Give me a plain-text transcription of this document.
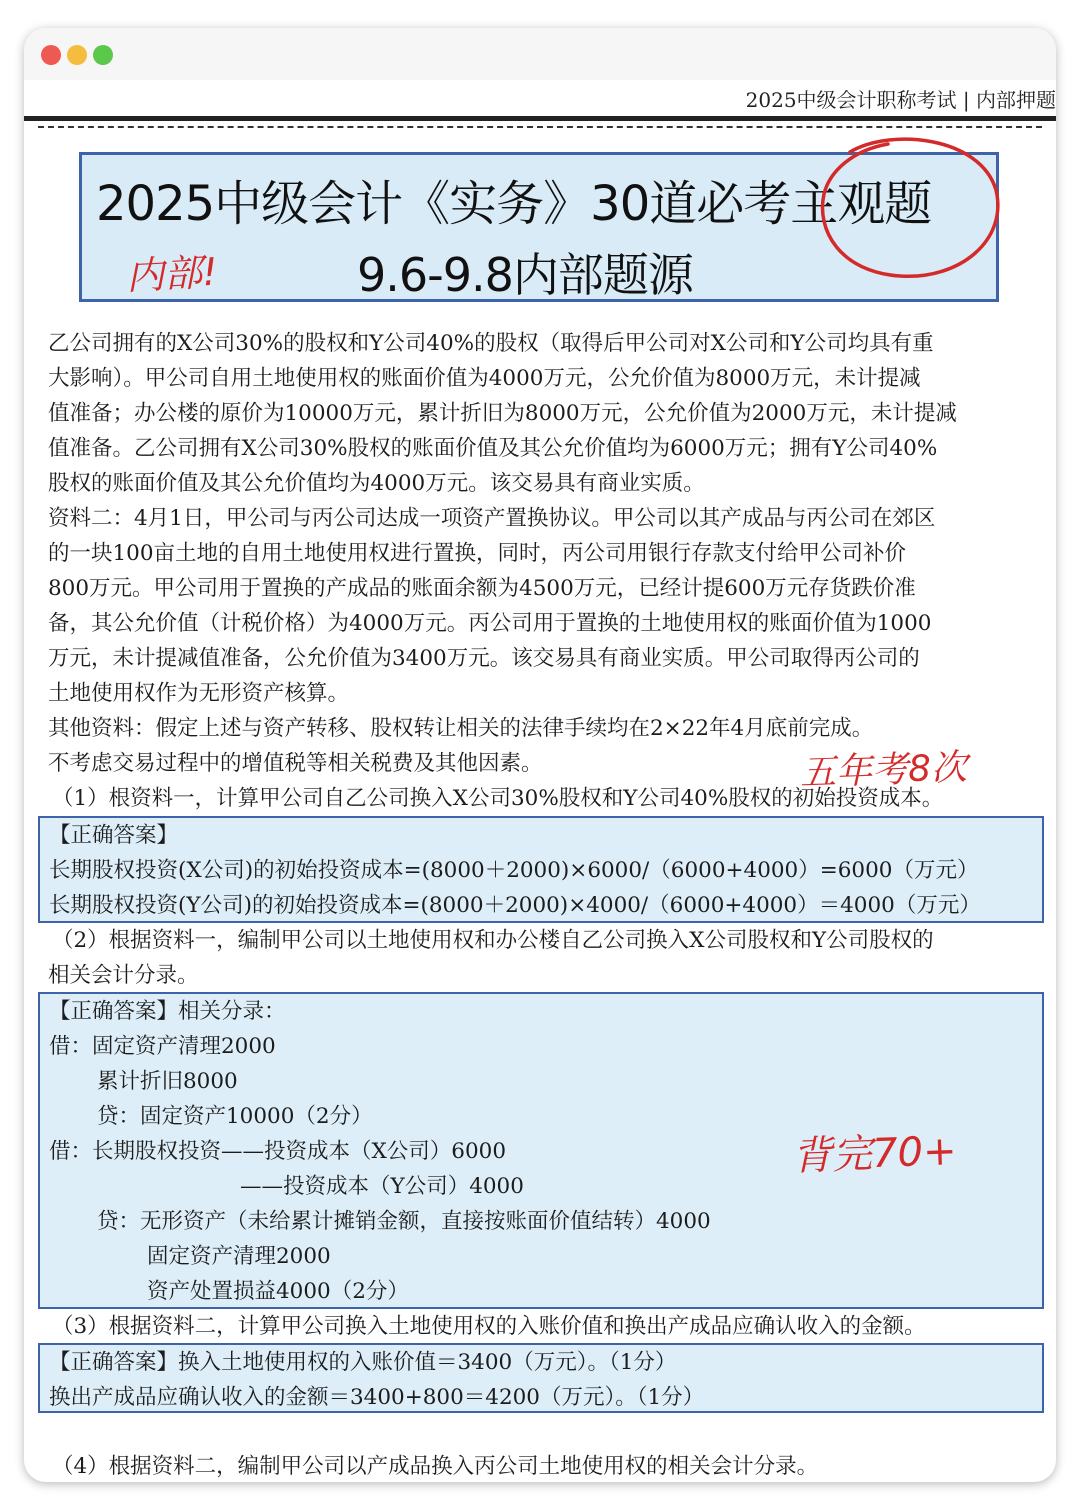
2025中级会计职称考试 | 内部押题
2025中级会计《实务》30道必考主观题
9.6-9.8内部题源
内部!
乙公司拥有的X公司30%的股权和Y公司40%的股权（取得后甲公司对X公司和Y公司均具有重
大影响）。甲公司自用土地使用权的账面价值为4000万元，公允价值为8000万元，未计提减
值准备；办公楼的原价为10000万元，累计折旧为8000万元，公允价值为2000万元，未计提减
值准备。乙公司拥有X公司30%股权的账面价值及其公允价值均为6000万元；拥有Y公司40%
股权的账面价值及其公允价值均为4000万元。该交易具有商业实质。
资料二：4月1日，甲公司与丙公司达成一项资产置换协议。甲公司以其产成品与丙公司在郊区
的一块100亩土地的自用土地使用权进行置换，同时，丙公司用银行存款支付给甲公司补价
800万元。甲公司用于置换的产成品的账面余额为4500万元，已经计提600万元存货跌价准
备，其公允价值（计税价格）为4000万元。丙公司用于置换的土地使用权的账面价值为1000
万元，未计提减值准备，公允价值为3400万元。该交易具有商业实质。甲公司取得丙公司的
土地使用权作为无形资产核算。
其他资料：假定上述与资产转移、股权转让相关的法律手续均在2×22年4月底前完成。
不考虑交易过程中的增值税等相关税费及其他因素。	五年考8次
（1）根资料一，计算甲公司自乙公司换入X公司30%股权和Y公司40%股权的初始投资成本。
【正确答案】
长期股权投资(X公司)的初始投资成本=(8000＋2000)×6000/（6000+4000）=6000（万元）
长期股权投资(Y公司)的初始投资成本=(8000＋2000)×4000/（6000+4000）＝4000（万元）
（2）根据资料一，编制甲公司以土地使用权和办公楼自乙公司换入X公司股权和Y公司股权的
相关会计分录。
【正确答案】相关分录：
借：固定资产清理2000
累计折旧8000
贷：固定资产10000（2分）
借：长期股权投资——投资成本（X公司）6000
——投资成本（Y公司）4000
贷：无形资产（未给累计摊销金额，直接按账面价值结转）4000
固定资产清理2000
资产处置损益4000（2分）
背完70+
（3）根据资料二，计算甲公司换入土地使用权的入账价值和换出产成品应确认收入的金额。
【正确答案】换入土地使用权的入账价值＝3400（万元）。（1分）
换出产成品应确认收入的金额＝3400+800＝4200（万元）。（1分）
（4）根据资料二，编制甲公司以产成品换入丙公司土地使用权的相关会计分录。
